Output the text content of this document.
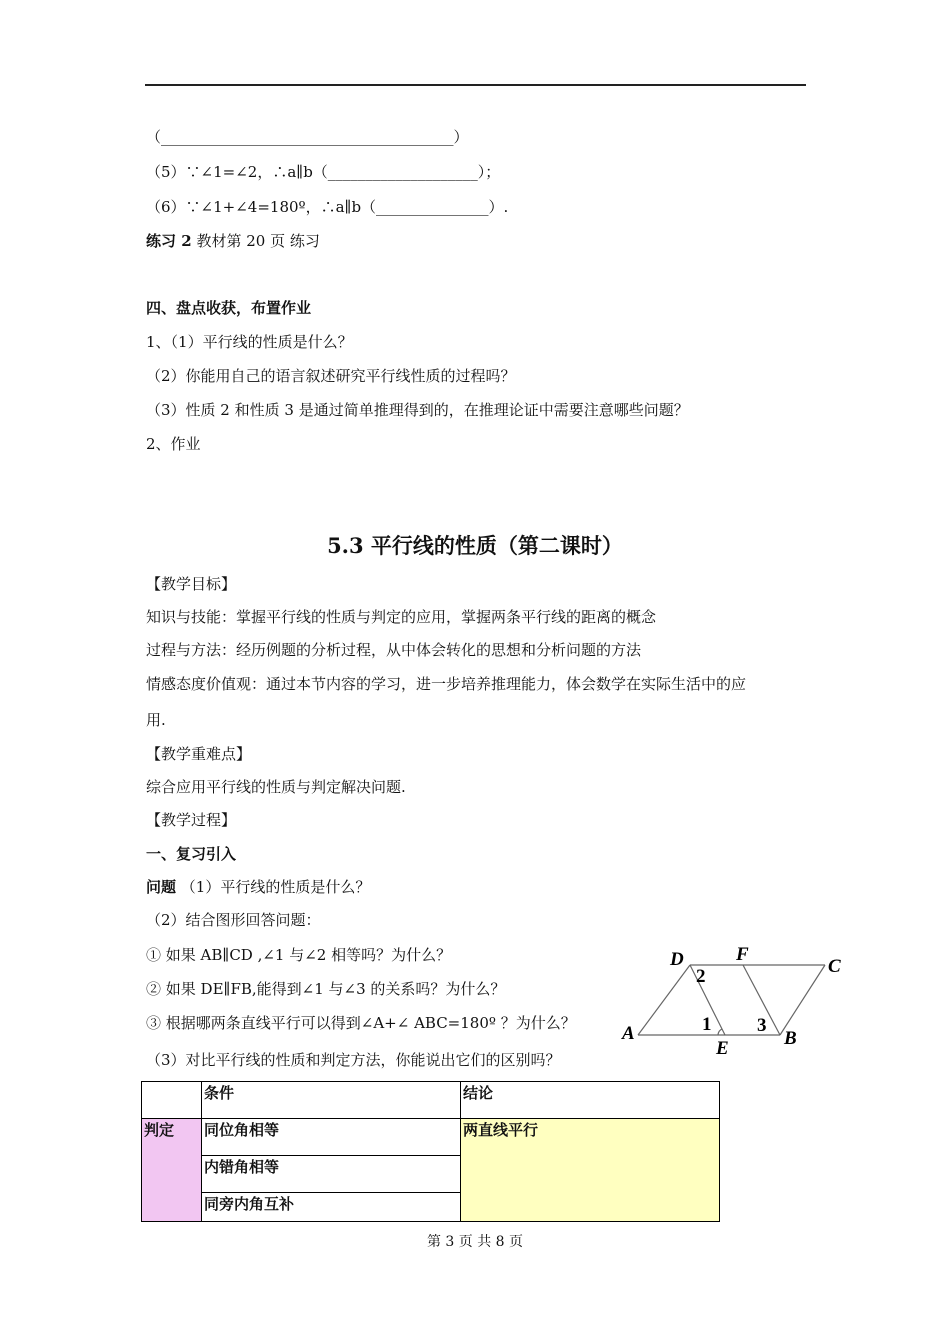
（_______________________________________）
（5）∵∠1=∠2，∴a∥b（____________________）；
（6）∵∠1+∠4=180º，∴a∥b（_______________）.
练习 2 教材第 20 页 练习
四、盘点收获，布置作业
1、（1）平行线的性质是什么？
（2）你能用自己的语言叙述研究平行线性质的过程吗？
（3）性质 2 和性质 3 是通过简单推理得到的，在推理论证中需要注意哪些问题？
2、作业
5.3 平行线的性质（第二课时）
【教学目标】
知识与技能：掌握平行线的性质与判定的应用，掌握两条平行线的距离的概念
过程与方法：经历例题的分析过程，从中体会转化的思想和分析问题的方法
情感态度价值观：通过本节内容的学习，进一步培养推理能力，体会数学在实际生活中的应
用.
【教学重难点】
综合应用平行线的性质与判定解决问题.
【教学过程】
一、复习引入
问题 （1）平行线的性质是什么？
（2）结合图形回答问题：
① 如果 AB∥CD ,∠1 与∠2 相等吗？为什么？
② 如果 DE∥FB,能得到∠1 与∠3 的关系吗？为什么？
③ 根据哪两条直线平行可以得到∠A+∠ ABC=180º ？为什么？
（3）对比平行线的性质和判定方法，你能说出它们的区别吗？
D	F
C
A	B
E
2
1 3
	条件	结论
判定	同位角相等	两直线平行
	内错角相等	
	同旁内角互补	
第 3 页 共 8 页
